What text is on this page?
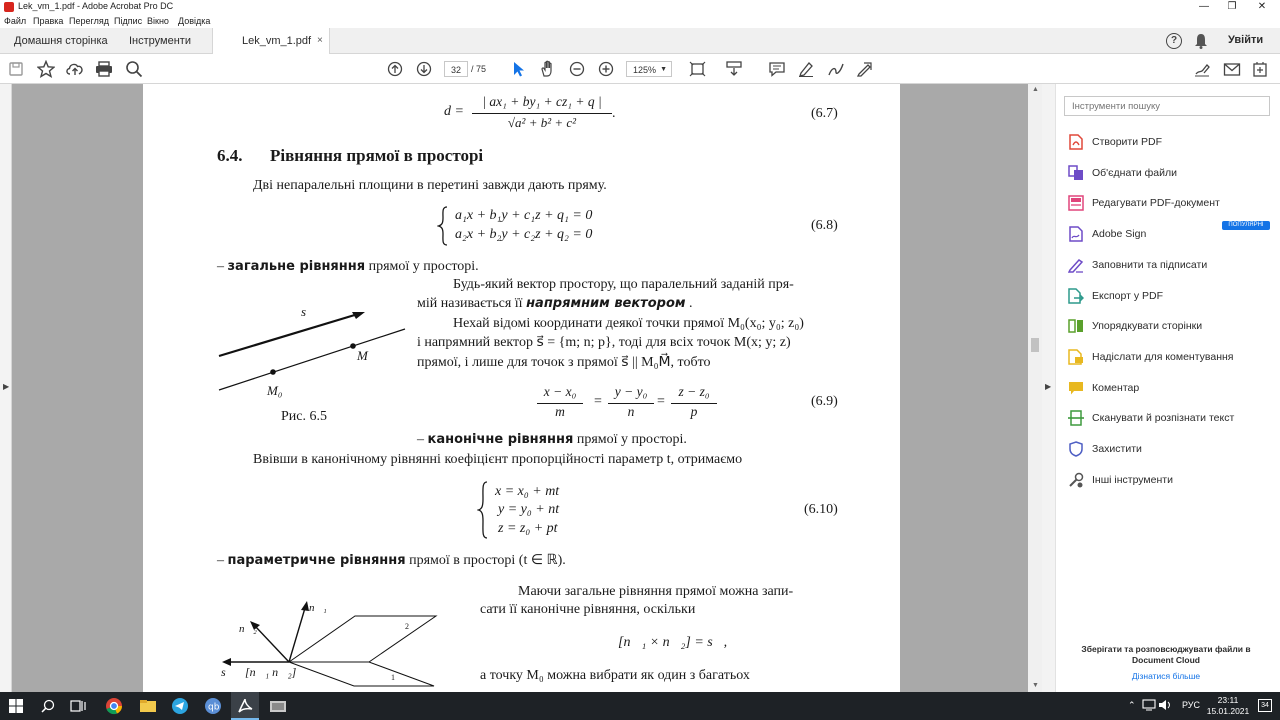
Lek_vm_1.pdf - Adobe Acrobat Pro DC	—	❐	✕
Файл Правка Перегляд Підпис Вікно Довідка
Домашня сторінка Інструменти	Lek_vm_1.pdf ×	?	Увійти
32	/ 75	125% ▼
▶
d =
| ax₁ + by₁ + cz₁ + q |
√a² + b² + c²
.	(6.7)
6.4. Рівняння прямої в просторі
Дві непаралельні площини в перетині завжди дають пряму.
a₁x + b₁y + c₁z + q₁ = 0
a₂x + b₂y + c₂z + q₂ = 0
(6.8)
– загальне рівняння прямої у просторі.
Будь-який вектор простору, що паралельний заданій пря-
мій називається її напрямним вектором .
Нехай відомі координати деякої точки прямої M₀(x₀; y₀; z₀)
і напрямний вектор s⃗ = {m; n; p}, тоді для всіх точок M(x; y; z)
прямої, і лише для точок з прямої s⃗ || M₀M⃗, тобто
s⃗
M
M₀
Рис. 6.5
x − x₀
m
=
y − y₀
n
=
z − z₀
p
(6.9)
– канонічне рівняння прямої у просторі.
Ввівши в канонічному рівнянні коефіцієнт пропорційності параметр t, отримаємо
x = x₀ + mt
y = y₀ + nt
z = z₀ + pt
(6.10)
– параметричне рівняння прямої в просторі (t ∈ ℝ).
Маючи загальне рівняння прямої можна запи-
сати її канонічне рівняння, оскільки
[n⃗₁ × n⃗₂] = s⃗,
а точку M₀ можна вибрати як один з багатьох
n⃗₁
n⃗₂
s⃗ [n⃗₁ n⃗₂]
2
1
▲
▼
▶
Інструменти пошуку
Створити PDF
Об'єднати файли
Редагувати PDF-документ
ПОПУЛЯРНІ
Adobe Sign
Заповнити та підписати
Експорт у PDF
Упорядкувати сторінки
Надіслати для коментування
Коментар
Сканувати й розпізнати текст
Захистити
Інші інструменти
Зберігати та розповсюджувати файли в Document Cloud
Дізнатися більше
qb	⌃	РУС	23:11
15.01.2021
34
